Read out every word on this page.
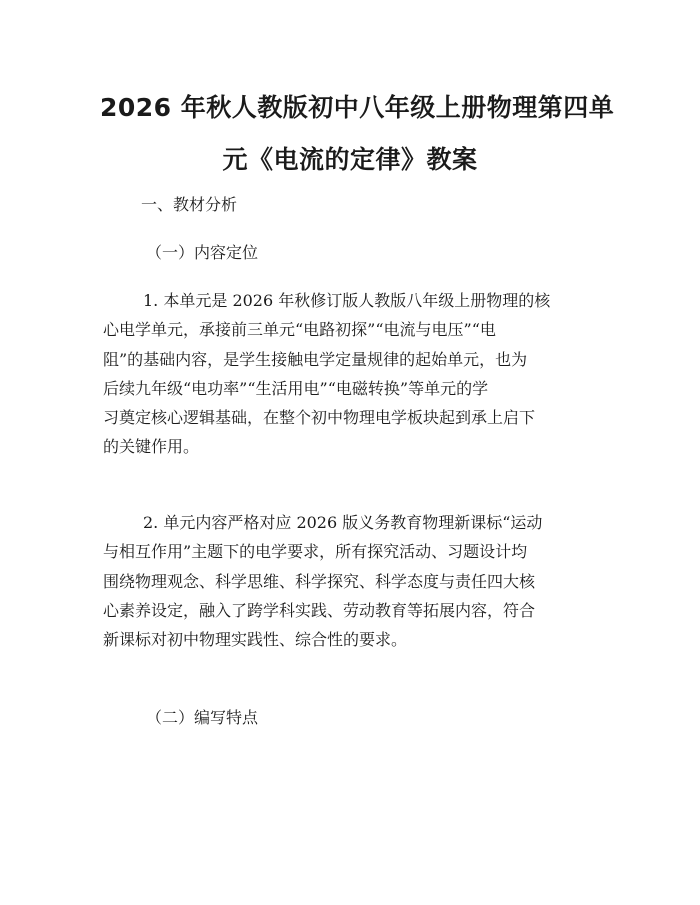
2026 年秋人教版初中八年级上册物理第四单
元《电流的定律》教案

一、教材分析

（一）内容定位

1. 本单元是 2026 年秋修订版人教版八年级上册物理的核
心电学单元，承接前三单元“电路初探”“电流与电压”“电
阻”的基础内容，是学生接触电学定量规律的起始单元，也为
后续九年级“电功率”“生活用电”“电磁转换”等单元的学
习奠定核心逻辑基础，在整个初中物理电学板块起到承上启下
的关键作用。
2. 单元内容严格对应 2026 版义务教育物理新课标“运动
与相互作用”主题下的电学要求，所有探究活动、习题设计均
围绕物理观念、科学思维、科学探究、科学态度与责任四大核
心素养设定，融入了跨学科实践、劳动教育等拓展内容，符合
新课标对初中物理实践性、综合性的要求。

（二）编写特点
